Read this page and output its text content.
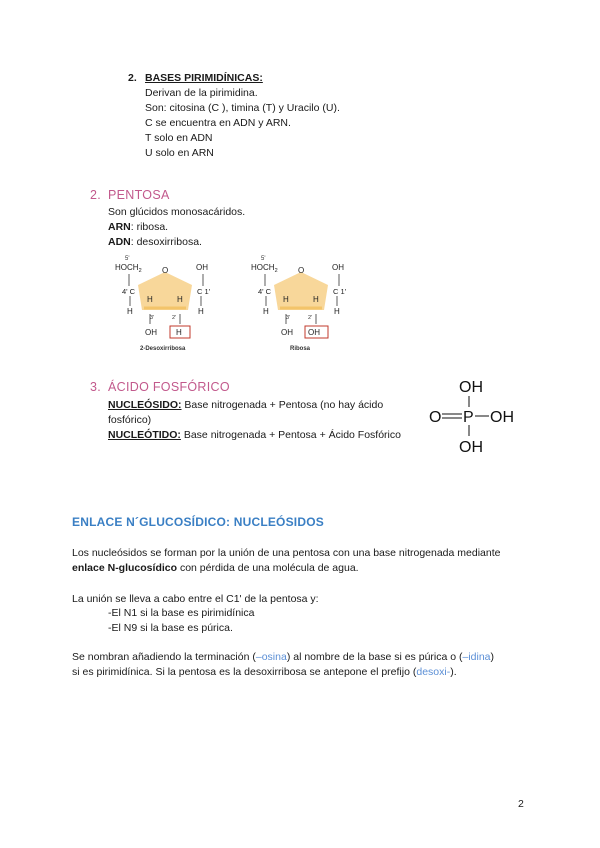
2. BASES PIRIMIDÍNICAS:
Derivan de la pirimidina.
Son: citosina (C ), timina (T) y Uracilo (U).
C se encuentra en ADN y ARN.
T solo en ADN
U solo en ARN
2. PENTOSA
Son glúcidos monosacáridos.
ARN: ribosa.
ADN: desoxirribosa.
5'
$HOCH_2$	O	OH
4' C	C 1'
H	H
3'	2'
H	H
OH H
2-Desoxirribosa
5'
$HOCH_2$	O	OH
4' C	C 1'
H	H
3'	2'
H	H
OH OH
Ribosa
3. ÁCIDO FOSFÓRICO
NUCLEÓSIDO: Base nitrogenada + Pentosa (no hay ácido
fosfórico)
NUCLEÓTIDO: Base nitrogenada + Pentosa + Ácido Fosfórico
OH
O P OH
OH
ENLACE N´GLUCOSÍDICO: NUCLEÓSIDOS
Los nucleósidos se forman por la unión de una pentosa con una base nitrogenada mediante
enlace N-glucosídico con pérdida de una molécula de agua.
La unión se lleva a cabo entre el C1' de la pentosa y:
-El N1 si la base es pirimidínica
-El N9 si la base es púrica.
Se nombran añadiendo la terminación (–osina) al nombre de la base si es púrica o (–idina)
si es pirimidínica. Si la pentosa es la desoxirribosa se antepone el prefijo (desoxi-).
2
